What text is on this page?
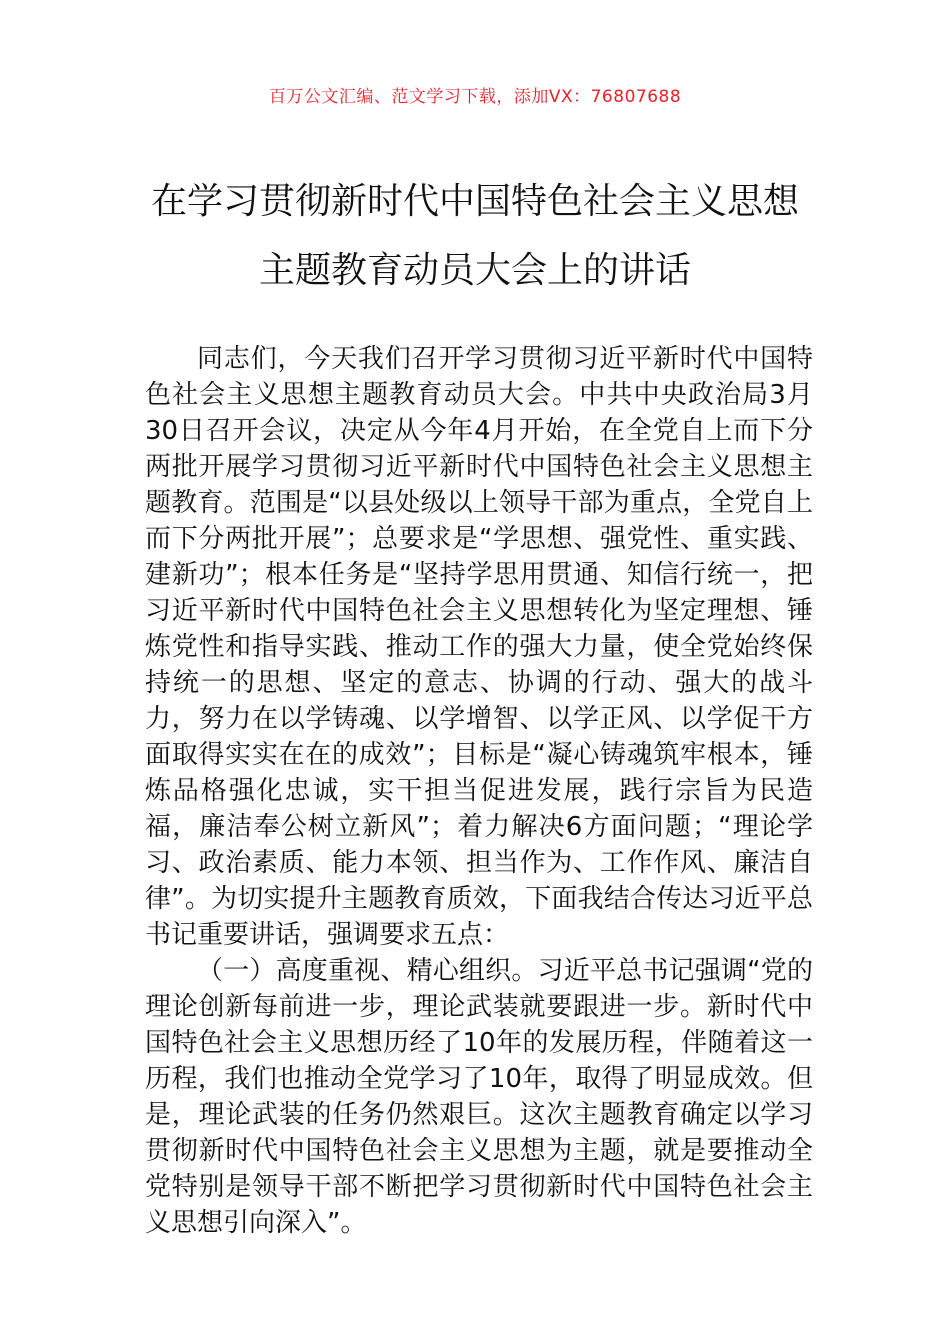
百万公文汇编、范文学习下载，添加VX：76807688
在学习贯彻新时代中国特色社会主义思想
主题教育动员大会上的讲话

同志们，今天我们召开学习贯彻习近平新时代中国特色社会主义思想主题教育动员大会。中共中央政治局3月30日召开会议，决定从今年4月开始，在全党自上而下分两批开展学习贯彻习近平新时代中国特色社会主义思想主题教育。范围是“以县处级以上领导干部为重点，全党自上而下分两批开展”；总要求是“学思想、强党性、重实践、建新功”；根本任务是“坚持学思用贯通、知信行统一，把习近平新时代中国特色社会主义思想转化为坚定理想、锤炼党性和指导实践、推动工作的强大力量，使全党始终保持统一的思想、坚定的意志、协调的行动、强大的战斗力，努力在以学铸魂、以学增智、以学正风、以学促干方面取得实实在在的成效”；目标是“凝心铸魂筑牢根本，锤炼品格强化忠诚，实干担当促进发展，践行宗旨为民造福，廉洁奉公树立新风”；着力解决6方面问题；“理论学习、政治素质、能力本领、担当作为、工作作风、廉洁自律”。为切实提升主题教育质效，下面我结合传达习近平总书记重要讲话，强调要求五点：

（一）高度重视、精心组织。习近平总书记强调“党的理论创新每前进一步，理论武装就要跟进一步。新时代中国特色社会主义思想历经了10年的发展历程，伴随着这一历程，我们也推动全党学习了10年，取得了明显成效。但是，理论武装的任务仍然艰巨。这次主题教育确定以学习贯彻新时代中国特色社会主义思想为主题，就是要推动全党特别是领导干部不断把学习贯彻新时代中国特色社会主义思想引向深入”。
